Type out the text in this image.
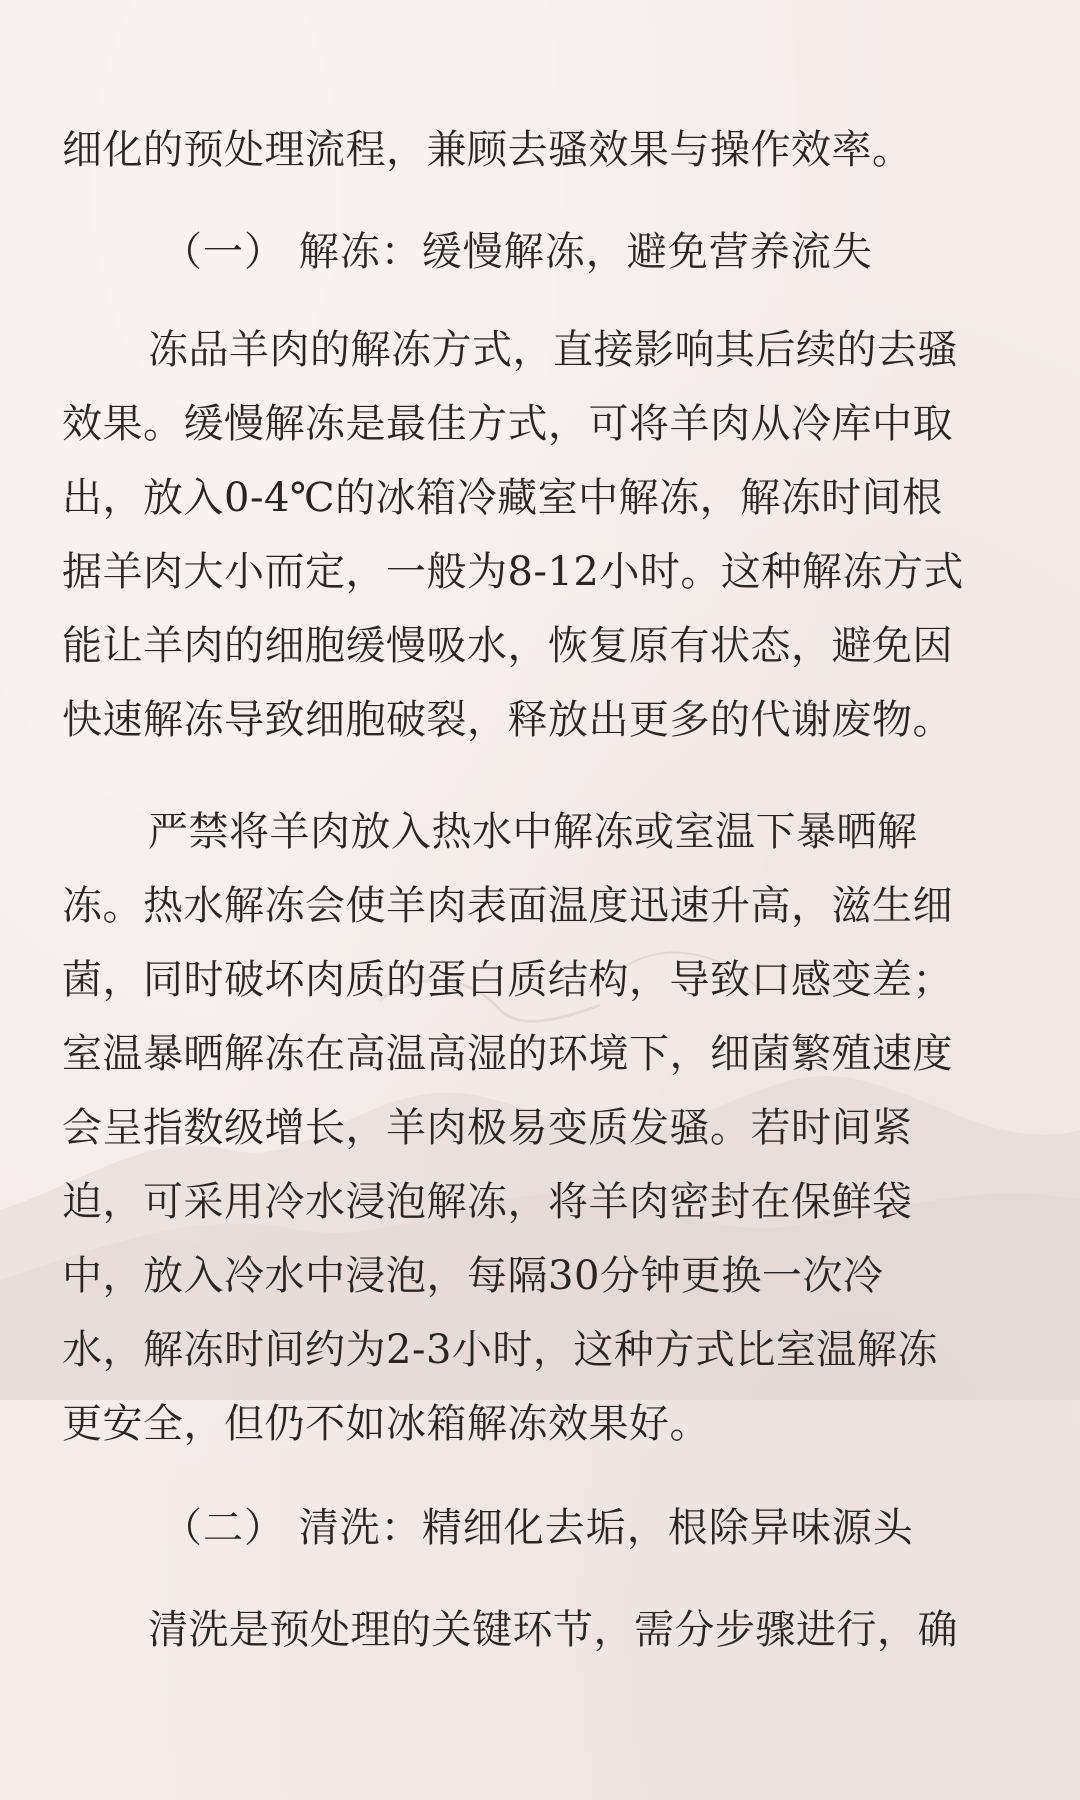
细化的预处理流程，兼顾去骚效果与操作效率。
（一） 解冻：缓慢解冻，避免营养流失
冻品羊肉的解冻方式，直接影响其后续的去骚
效果。缓慢解冻是最佳方式，可将羊肉从冷库中取
出，放入0-4℃的冰箱冷藏室中解冻，解冻时间根
据羊肉大小而定，一般为8-12小时。这种解冻方式
能让羊肉的细胞缓慢吸水，恢复原有状态，避免因
快速解冻导致细胞破裂，释放出更多的代谢废物。
严禁将羊肉放入热水中解冻或室温下暴晒解
冻。热水解冻会使羊肉表面温度迅速升高，滋生细
菌，同时破坏肉质的蛋白质结构，导致口感变差；
室温暴晒解冻在高温高湿的环境下，细菌繁殖速度
会呈指数级增长，羊肉极易变质发骚。若时间紧
迫，可采用冷水浸泡解冻，将羊肉密封在保鲜袋
中，放入冷水中浸泡，每隔30分钟更换一次冷
水，解冻时间约为2-3小时，这种方式比室温解冻
更安全，但仍不如冰箱解冻效果好。
（二） 清洗：精细化去垢，根除异味源头
清洗是预处理的关键环节，需分步骤进行，确
